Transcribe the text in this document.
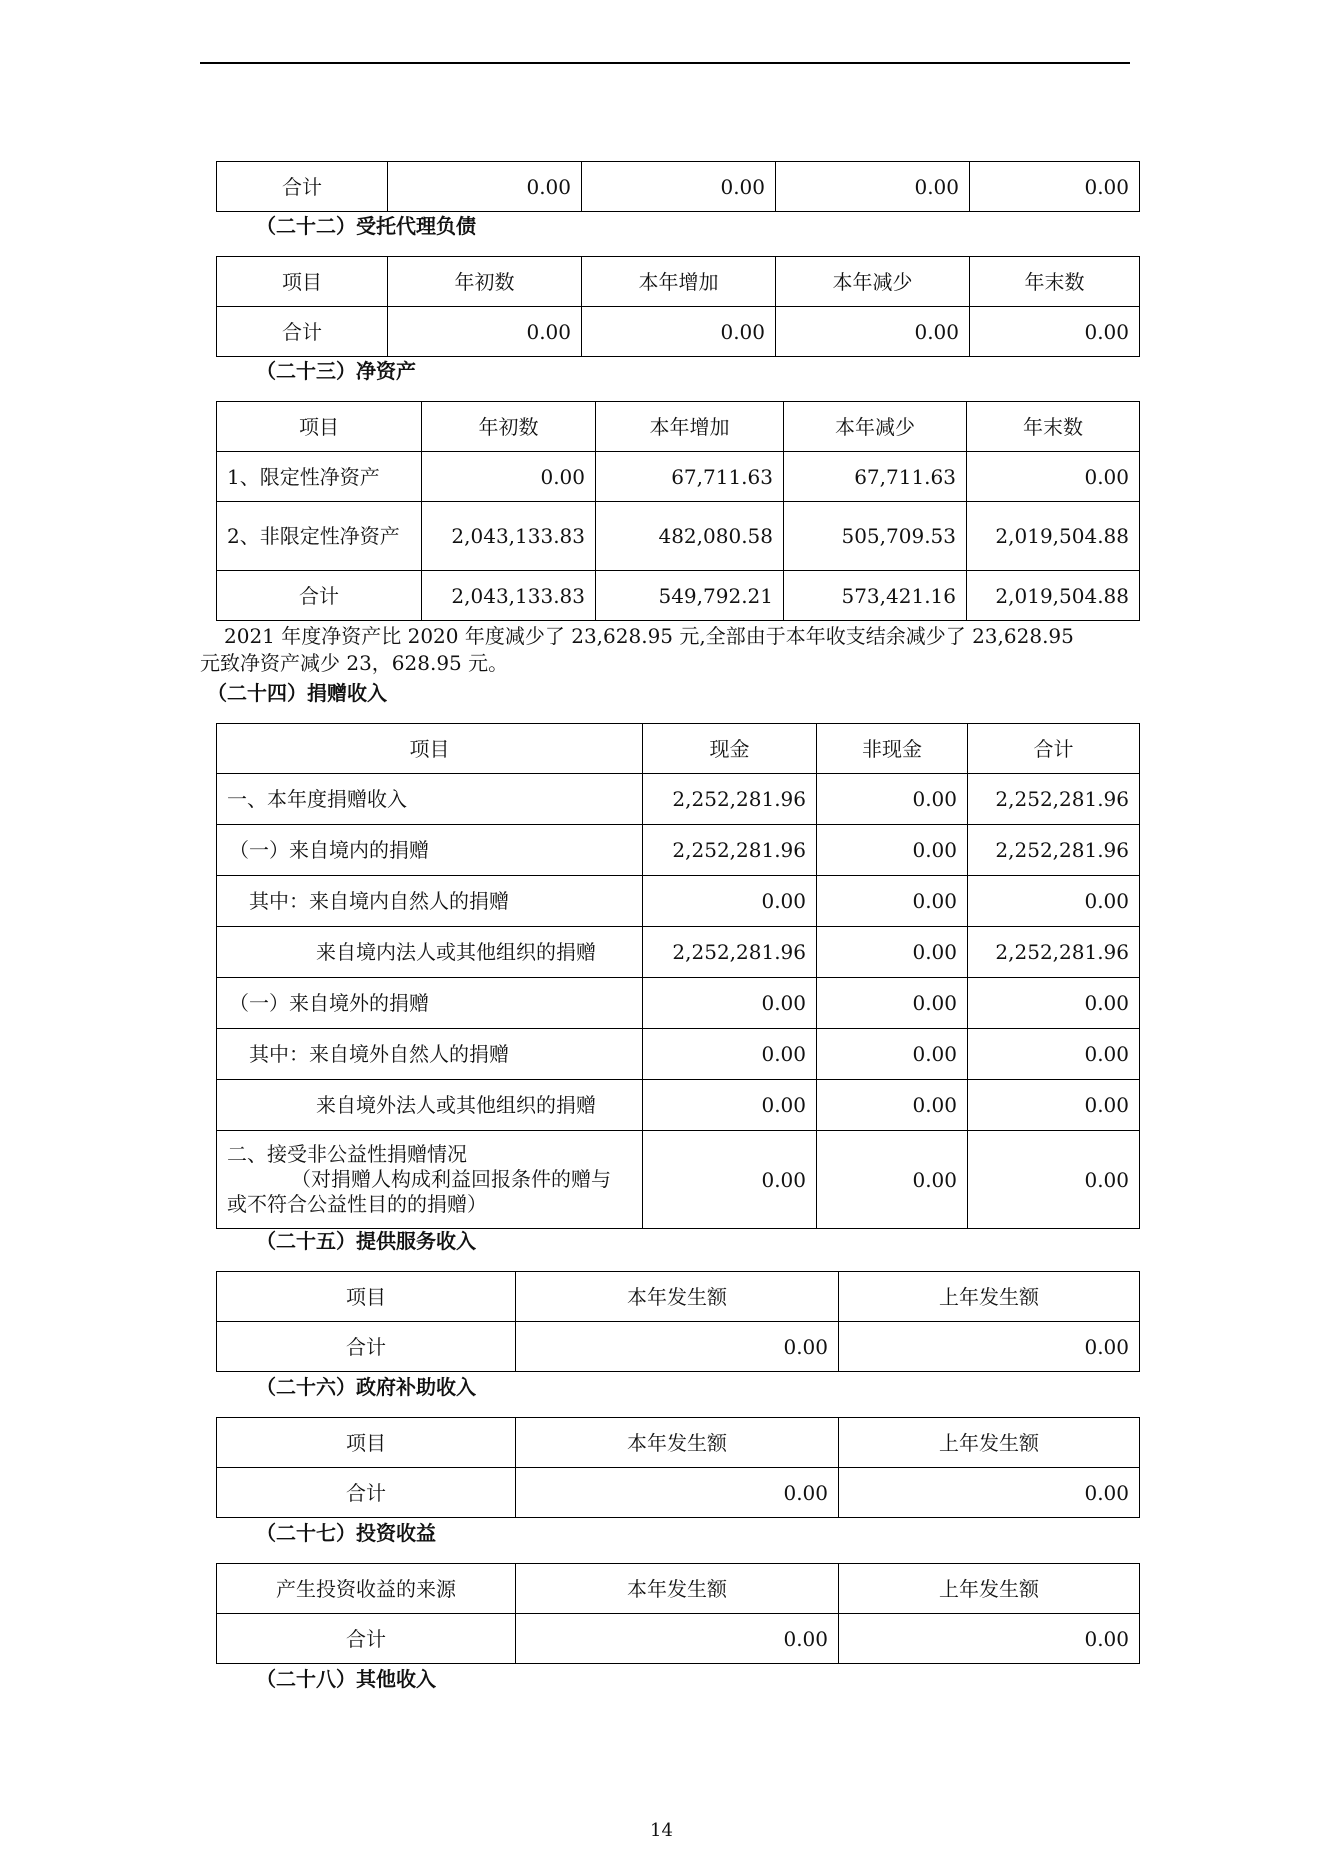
合计	0.00	0.00	0.00	0.00
（二十二）受托代理负债
项目	年初数	本年增加	本年减少	年末数
合计	0.00	0.00	0.00	0.00
（二十三）净资产
项目	年初数	本年增加	本年减少	年末数
1、限定性净资产	0.00	67,711.63	67,711.63	0.00
2、非限定性净资产	2,043,133.83	482,080.58	505,709.53	2,019,504.88
合计	2,043,133.83	549,792.21	573,421.16	2,019,504.88
2021 年度净资产比 2020 年度减少了 23,628.95 元,全部由于本年收支结余减少了 23,628.95
元致净资产减少 23，628.95 元。
（二十四）捐赠收入
项目	现金	非现金	合计
一、本年度捐赠收入	2,252,281.96	0.00	2,252,281.96
（一）来自境内的捐赠	2,252,281.96	0.00	2,252,281.96
其中：来自境内自然人的捐赠	0.00	0.00	0.00
来自境内法人或其他组织的捐赠	2,252,281.96	0.00	2,252,281.96
（一）来自境外的捐赠	0.00	0.00	0.00
其中：来自境外自然人的捐赠	0.00	0.00	0.00
来自境外法人或其他组织的捐赠	0.00	0.00	0.00

二、接受非公益性捐赠情况
（对捐赠人构成利益回报条件的赠与
或不符合公益性目的的捐赠）	0.00	0.00	0.00
（二十五）提供服务收入
项目	本年发生额	上年发生额
合计	0.00	0.00
（二十六）政府补助收入
项目	本年发生额	上年发生额
合计	0.00	0.00
（二十七）投资收益
产生投资收益的来源	本年发生额	上年发生额
合计	0.00	0.00
（二十八）其他收入
14
